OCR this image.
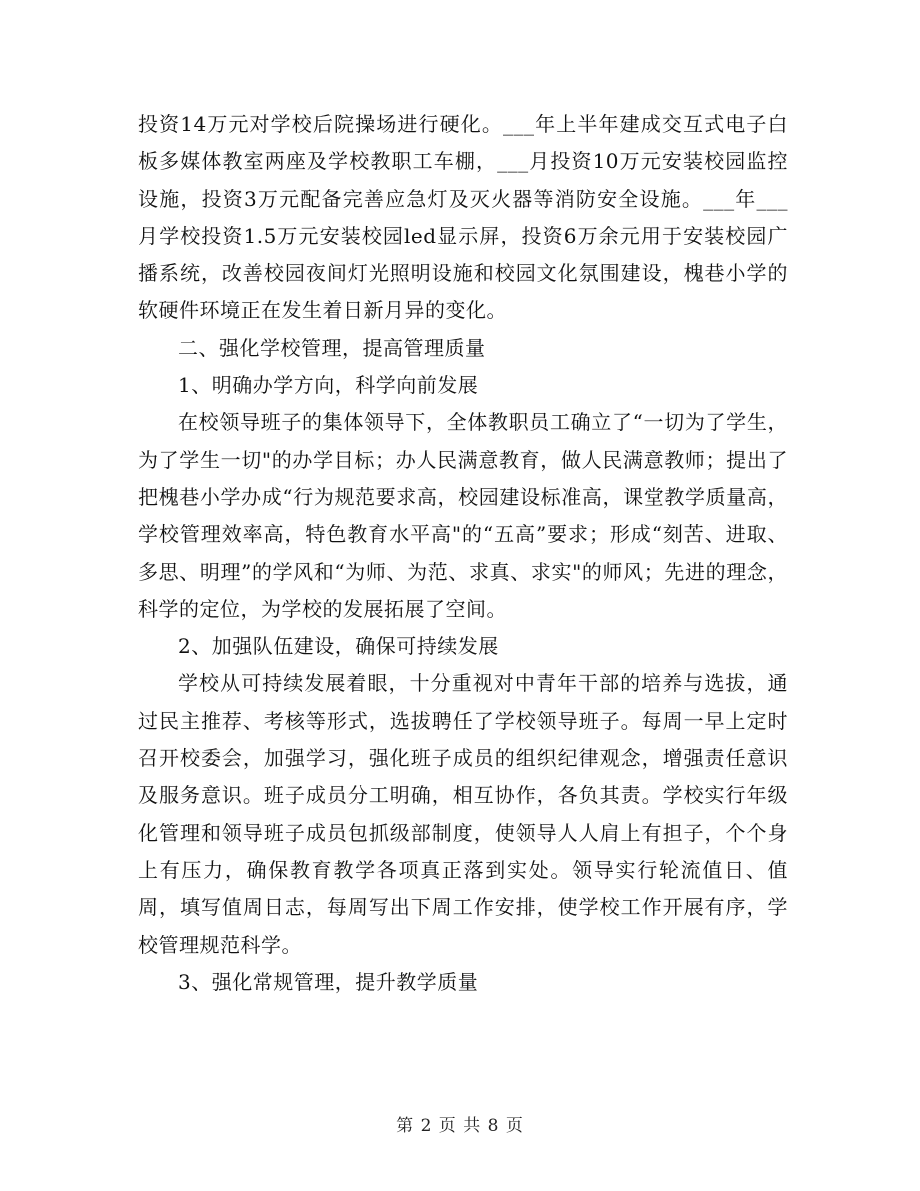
投资14万元对学校后院操场进行硬化。___年上半年建成交互式电子白板多媒体教室两座及学校教职工车棚，___月投资10万元安装校园监控设施，投资3万元配备完善应急灯及灭火器等消防安全设施。___年___月学校投资1.5万元安装校园led显示屏，投资6万余元用于安装校园广播系统，改善校园夜间灯光照明设施和校园文化氛围建设，槐巷小学的软硬件环境正在发生着日新月异的变化。

二、强化学校管理，提高管理质量

1、明确办学方向，科学向前发展

在校领导班子的集体领导下，全体教职员工确立了“一切为了学生，为了学生一切"的办学目标；办人民满意教育，做人民满意教师；提出了把槐巷小学办成“行为规范要求高，校园建设标准高，课堂教学质量高，学校管理效率高，特色教育水平高"的“五高”要求；形成“刻苦、进取、多思、明理”的学风和“为师、为范、求真、求实"的师风；先进的理念，科学的定位，为学校的发展拓展了空间。

2、加强队伍建设，确保可持续发展

学校从可持续发展着眼，十分重视对中青年干部的培养与选拔，通过民主推荐、考核等形式，选拔聘任了学校领导班子。每周一早上定时召开校委会，加强学习，强化班子成员的组织纪律观念，增强责任意识及服务意识。班子成员分工明确，相互协作，各负其责。学校实行年级化管理和领导班子成员包抓级部制度，使领导人人肩上有担子，个个身上有压力，确保教育教学各项真正落到实处。领导实行轮流值日、值周，填写值周日志，每周写出下周工作安排，使学校工作开展有序，学校管理规范科学。

3、强化常规管理，提升教学质量

第 2 页 共 8 页
